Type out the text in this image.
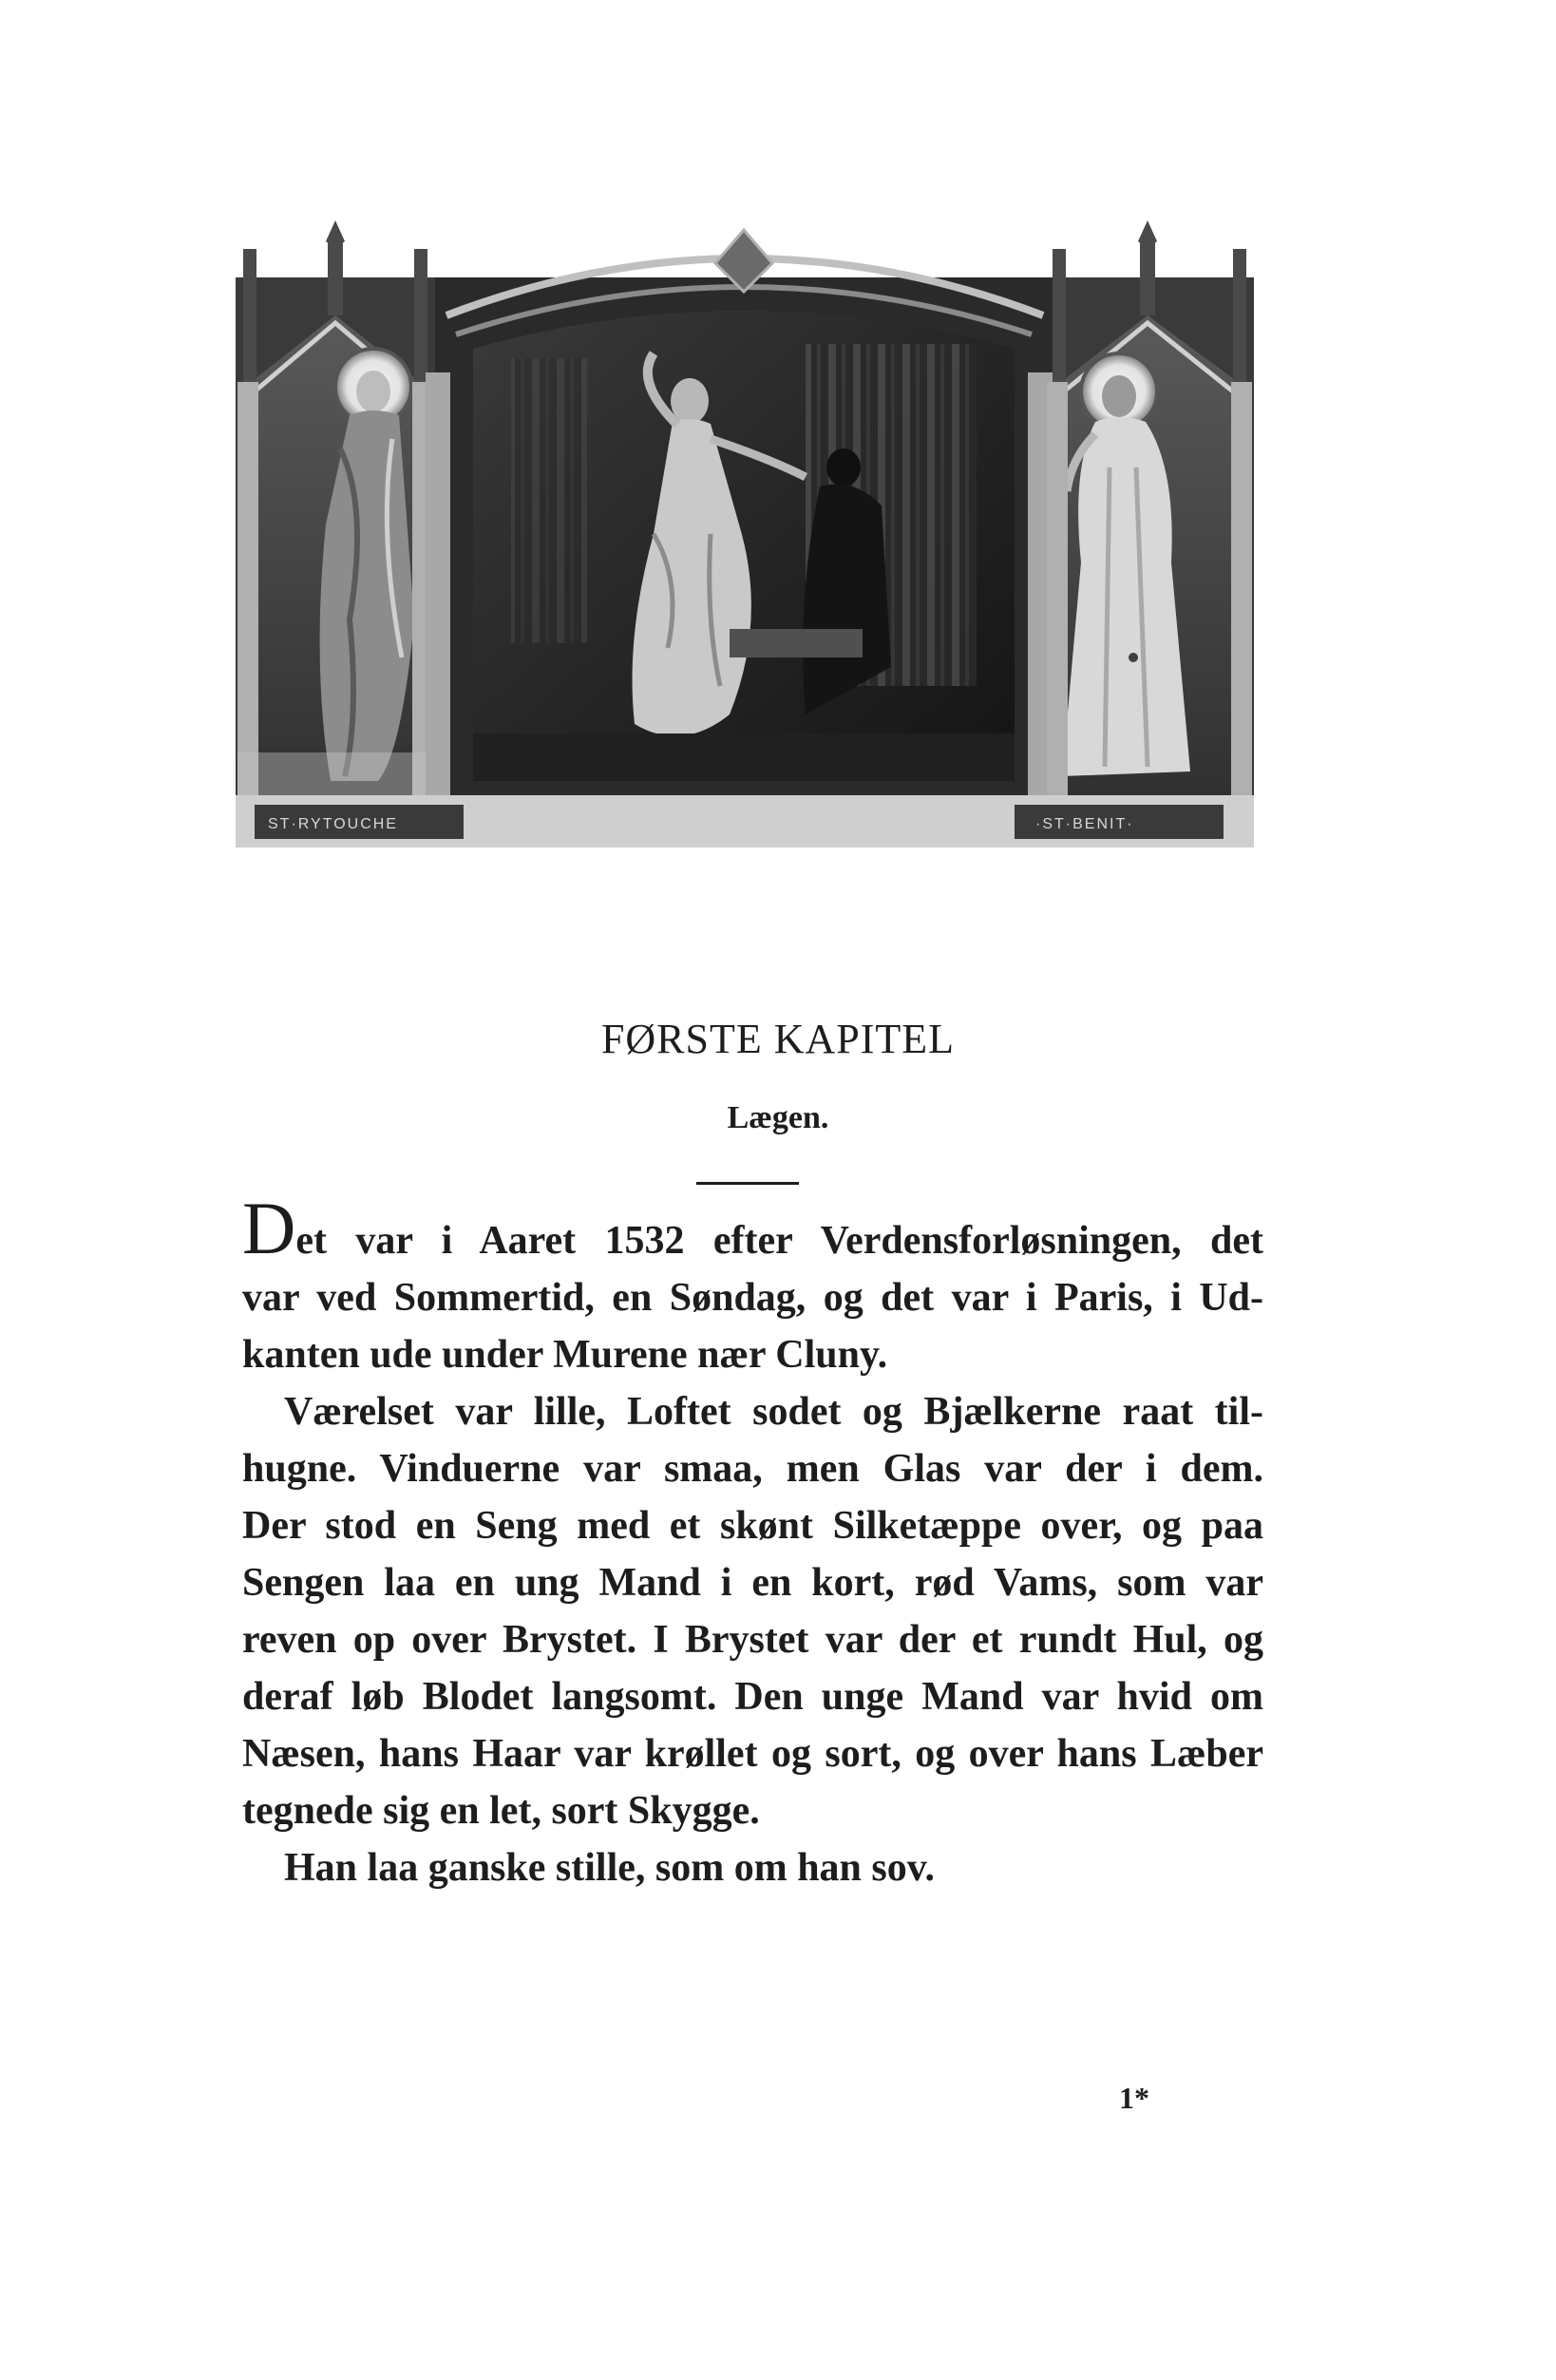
ST·RYTOUCHE	·ST·BENIT·
FØRSTE KAPITEL
Lægen.
Det var i Aaret 1532 efter Verdensforløsningen, det
var ved Sommertid, en Søndag, og det var i Paris, i Ud-
kanten ude under Murene nær Cluny.
Værelset var lille, Loftet sodet og Bjælkerne raat til-
hugne. Vinduerne var smaa, men Glas var der i dem.
Der stod en Seng med et skønt Silketæppe over, og paa
Sengen laa en ung Mand i en kort, rød Vams, som var
reven op over Brystet. I Brystet var der et rundt Hul, og
deraf løb Blodet langsomt. Den unge Mand var hvid om
Næsen, hans Haar var krøllet og sort, og over hans Læber
tegnede sig en let, sort Skygge.
Han laa ganske stille, som om han sov.
1*
